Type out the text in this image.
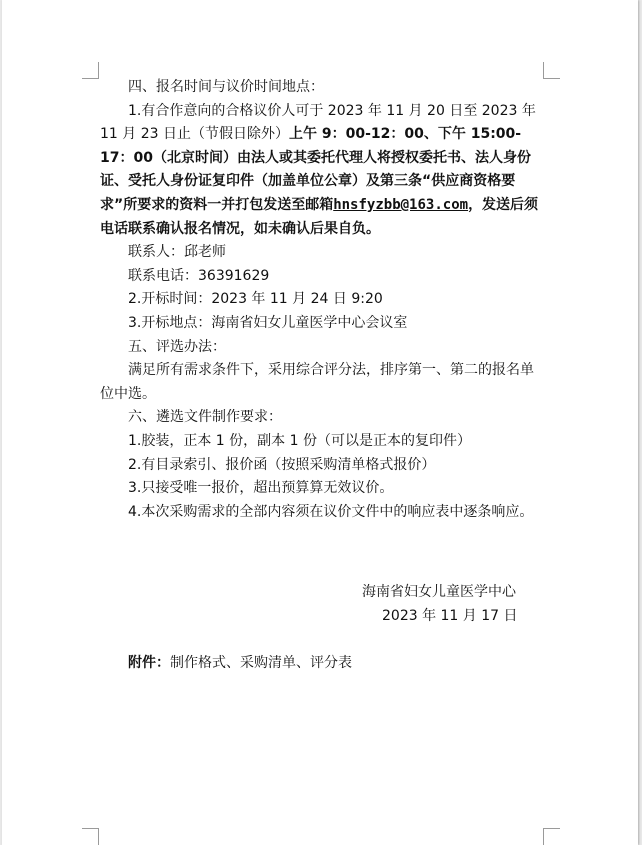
四、报名时间与议价时间地点：

1.有合作意向的合格议价人可于 2023 年 11 月 20 日至 2023 年 11 月 23 日止（节假日除外）上午 9：00-12：00、下午 15:00-17：00（北京时间）由法人或其委托代理人将授权委托书、法人身份证、受托人身份证复印件（加盖单位公章）及第三条“供应商资格要求”所要求的资料一并打包发送至邮箱hnsfyzbb@163.com，发送后须电话联系确认报名情况，如未确认后果自负。

联系人：邱老师

联系电话：36391629

2.开标时间：2023 年 11 月 24 日 9:20

3.开标地点：海南省妇女儿童医学中心会议室

五、评选办法：

满足所有需求条件下，采用综合评分法，排序第一、第二的报名单位中选。

六、遴选文件制作要求：

1.胶装，正本 1 份，副本 1 份（可以是正本的复印件）

2.有目录索引、报价函（按照采购清单格式报价）

3.只接受唯一报价，超出预算算无效议价。

4.本次采购需求的全部内容须在议价文件中的响应表中逐条响应。

海南省妇女儿童医学中心
2023 年 11 月 17 日
附件：制作格式、采购清单、评分表
